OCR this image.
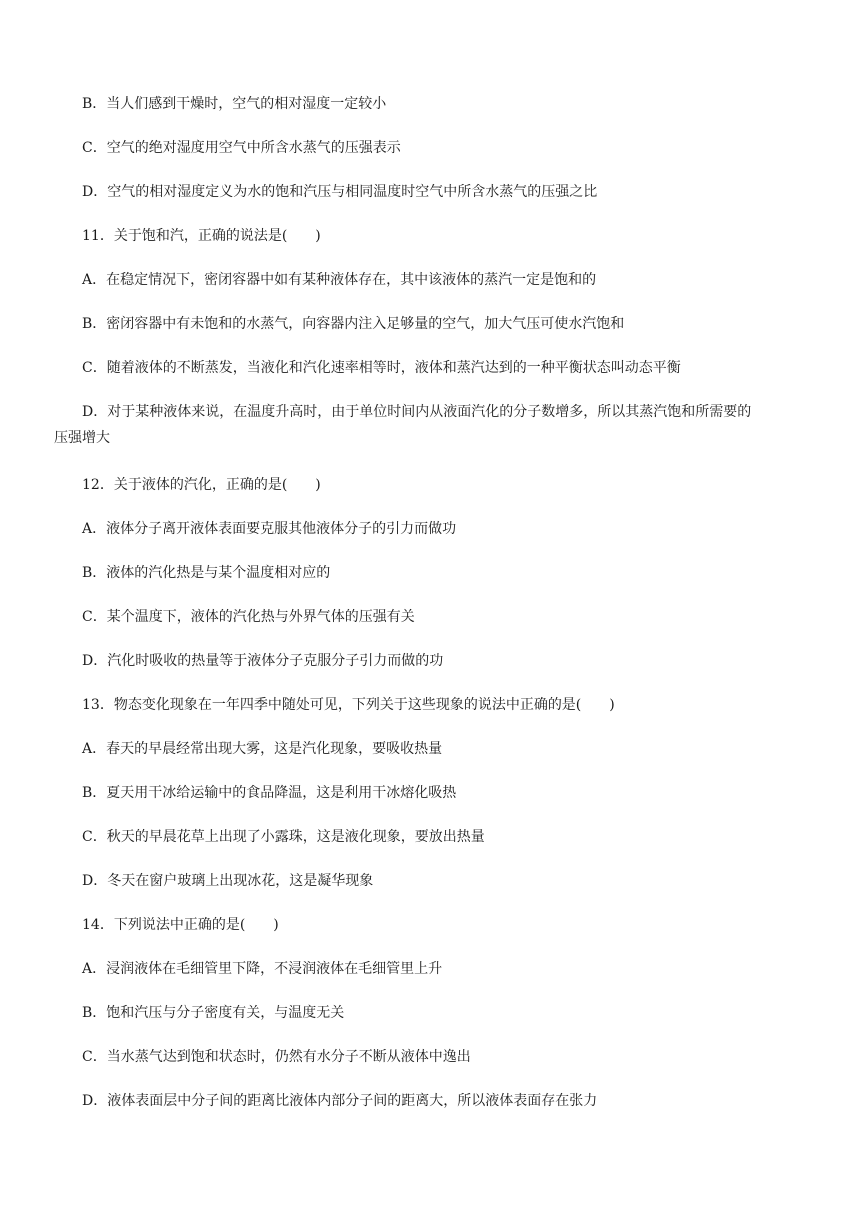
B．当人们感到干燥时，空气的相对湿度一定较小
C．空气的绝对湿度用空气中所含水蒸气的压强表示
D．空气的相对湿度定义为水的饱和汽压与相同温度时空气中所含水蒸气的压强之比
11．关于饱和汽，正确的说法是(　　)
A．在稳定情况下，密闭容器中如有某种液体存在，其中该液体的蒸汽一定是饱和的
B．密闭容器中有未饱和的水蒸气，向容器内注入足够量的空气，加大气压可使水汽饱和
C．随着液体的不断蒸发，当液化和汽化速率相等时，液体和蒸汽达到的一种平衡状态叫动态平衡
D．对于某种液体来说，在温度升高时，由于单位时间内从液面汽化的分子数增多，所以其蒸汽饱和所需要的
压强增大
12．关于液体的汽化，正确的是(　　)
A．液体分子离开液体表面要克服其他液体分子的引力而做功
B．液体的汽化热是与某个温度相对应的
C．某个温度下，液体的汽化热与外界气体的压强有关
D．汽化时吸收的热量等于液体分子克服分子引力而做的功
13．物态变化现象在一年四季中随处可见，下列关于这些现象的说法中正确的是(　　)
A．春天的早晨经常出现大雾，这是汽化现象，要吸收热量
B．夏天用干冰给运输中的食品降温，这是利用干冰熔化吸热
C．秋天的早晨花草上出现了小露珠，这是液化现象，要放出热量
D．冬天在窗户玻璃上出现冰花，这是凝华现象
14．下列说法中正确的是(　　)
A．浸润液体在毛细管里下降，不浸润液体在毛细管里上升
B．饱和汽压与分子密度有关，与温度无关
C．当水蒸气达到饱和状态时，仍然有水分子不断从液体中逸出
D．液体表面层中分子间的距离比液体内部分子间的距离大，所以液体表面存在张力
